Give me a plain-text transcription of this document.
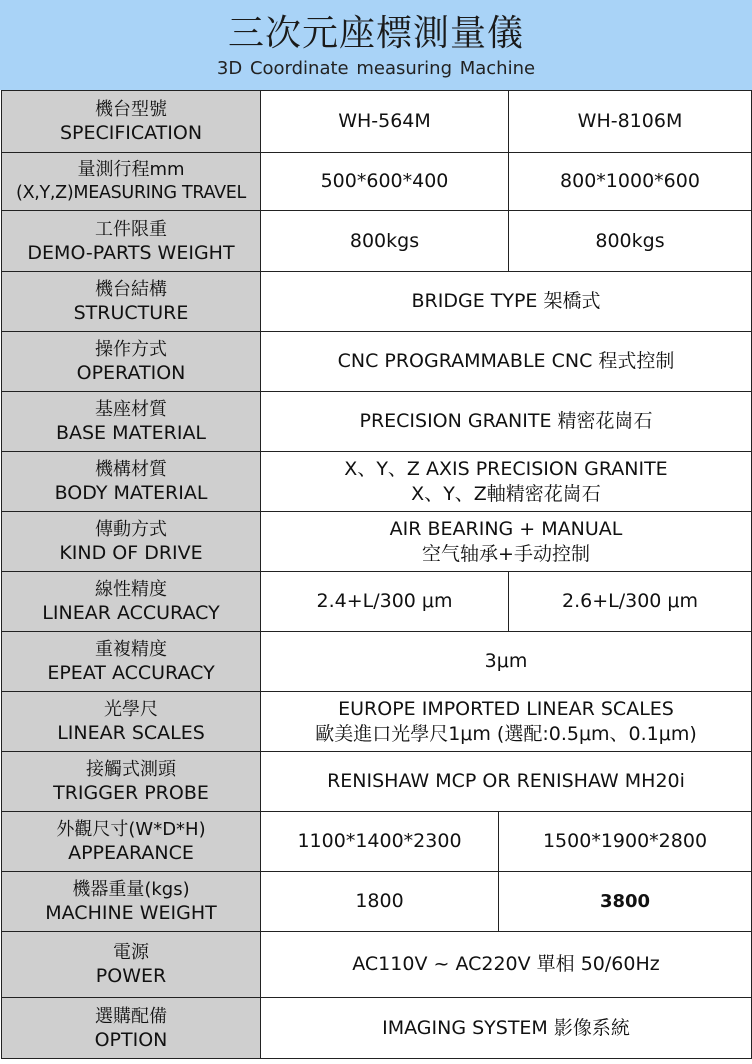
三次元座標測量儀
3D Coordinate measuring Machine
機台型號
SPECIFICATION	WH-564M		WH-8106M

量測行程mm
(X,Y,Z)MEASURING TRAVEL	500*600*400		800*1000*600

工件限重
DEMO-PARTS WEIGHT	800kgs		800kgs

機台結構
STRUCTURE	BRIDGE TYPE 架橋式		

操作方式
OPERATION	CNC PROGRAMMABLE CNC 程式控制		

基座材質
BASE MATERIAL	PRECISION GRANITE 精密花崗石		

機構材質
BODY MATERIAL	X、Y、Z AXIS PRECISION GRANITE
X、Y、Z軸精密花崗石		

傳動方式
KIND OF DRIVE	AIR BEARING + MANUAL
空气轴承+手动控制		

線性精度
LINEAR ACCURACY	2.4+L/300 μm		2.6+L/300 μm

重複精度
EPEAT ACCURACY	3μm		

光學尺
LINEAR SCALES	EUROPE IMPORTED LINEAR SCALES
歐美進口光學尺1μm (選配:0.5μm、0.1μm)		

接觸式測頭
TRIGGER PROBE	RENISHAW MCP OR RENISHAW MH20i		

外觀尺寸(W*D*H)
APPEARANCE	1100*1400*2300	1500*1900*2800	

機器重量(kgs)
MACHINE WEIGHT	1800	3800	

電源
POWER	AC110V ~ AC220V 單相 50/60Hz		

選購配備
OPTION	IMAGING SYSTEM 影像系統		
